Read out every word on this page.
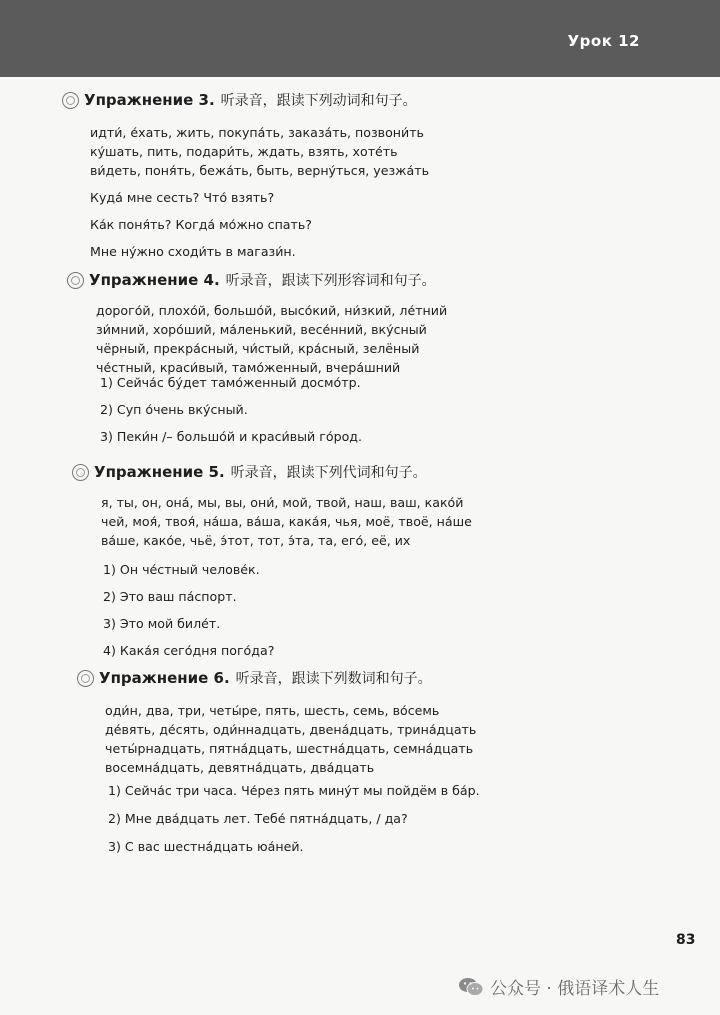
Урок 12
Упражнение 3. 听录音，跟读下列动词和句子。
идти́, е́хать, жить, покупа́ть, заказа́ть, позвони́ть
ку́шать, пить, подари́ть, ждать, взять, хоте́ть
ви́деть, поня́ть, бежа́ть, быть, верну́ться, уезжа́ть
Куда́ мне сесть? Что́ взять?
Ка́к поня́ть? Когда́ мо́жно спать?
Мне ну́жно сходи́ть в магази́н.
Упражнение 4. 听录音，跟读下列形容词和句子。
дорого́й, плохо́й, большо́й, высо́кий, ни́зкий, ле́тний
зи́мний, хоро́ший, ма́ленький, весе́нний, вку́сный
чёрный, прекра́сный, чи́стый, кра́сный, зелёный
че́стный, краси́вый, тамо́женный, вчера́шний
1) Сейча́с бу́дет тамо́женный досмо́тр.
2) Суп о́чень вку́сный.
3) Пеки́н /– большо́й и краси́вый го́род.
Упражнение 5. 听录音，跟读下列代词和句子。
я, ты, он, она́, мы, вы, они́, мой, твой, наш, ваш, како́й
чей, моя́, твоя́, на́ша, ва́ша, кака́я, чья, моё, твоё, на́ше
ва́ше, како́е, чьё, э́тот, тот, э́та, та, его́, её, их
1) Он че́стный челове́к.
2) Это ваш па́спорт.
3) Это мой биле́т.
4) Кака́я сего́дня пого́да?
Упражнение 6. 听录音，跟读下列数词和句子。
оди́н, два, три, четы́ре, пять, шесть, семь, во́семь
де́вять, де́сять, оди́ннадцать, двена́дцать, трина́дцать
четы́рнадцать, пятна́дцать, шестна́дцать, семна́дцать
восемна́дцать, девятна́дцать, два́дцать
1) Сейча́с три часа. Че́рез пять мину́т мы пойдём в ба́р.
2) Мне два́дцать лет. Тебе́ пятна́дцать, / да?
3) С вас шестна́дцать юа́ней.
83
公众号 · 俄语译术人生
